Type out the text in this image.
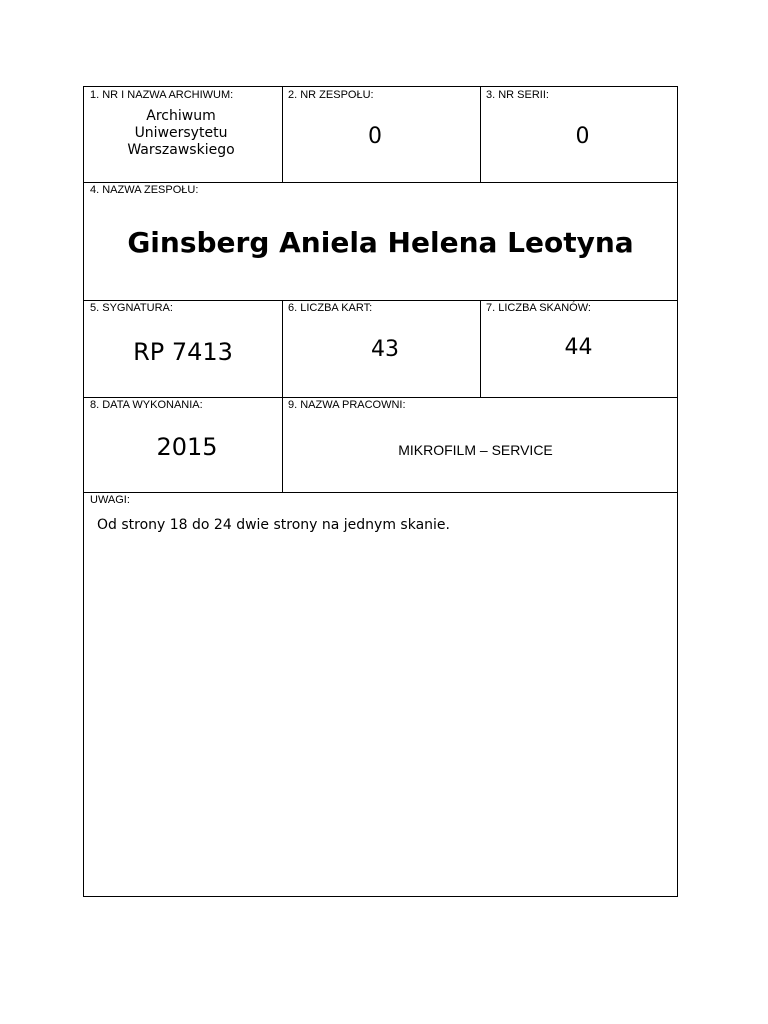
1. NR I NAZWA ARCHIWUM:
Archiwum
Uniwersytetu
Warszawskiego
2. NR ZESPOŁU:
0
3. NR SERII:
0
4. NAZWA ZESPOŁU:
Ginsberg Aniela Helena Leotyna
5. SYGNATURA:
RP 7413
6. LICZBA KART:
43
7. LICZBA SKANÓW:
44
8. DATA WYKONANIA:
2015
9. NAZWA PRACOWNI:
MIKROFILM – SERVICE
UWAGI:
Od strony 18 do 24 dwie strony na jednym skanie.
